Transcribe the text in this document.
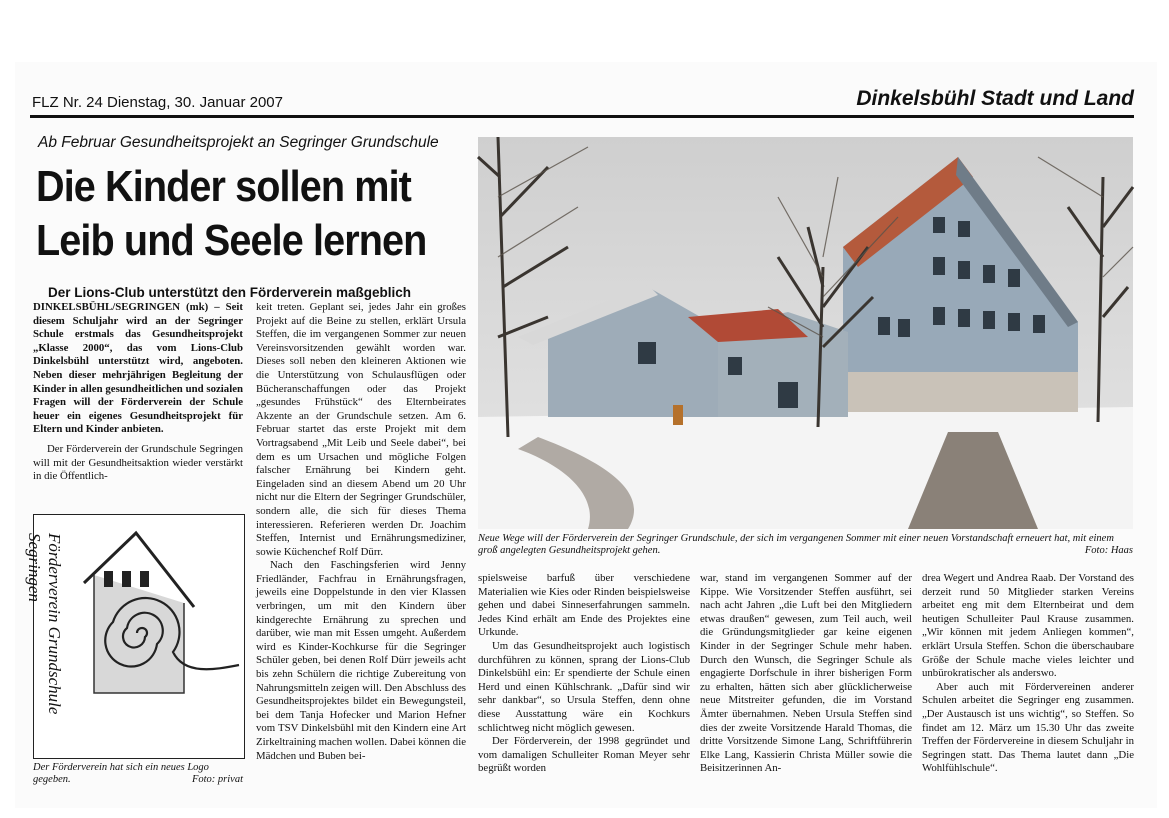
FLZ Nr. 24 Dienstag, 30. Januar 2007	Dinkelsbühl Stadt und Land
Ab Februar Gesundheitsprojekt an Segringer Grundschule
Die Kinder sollen mit
Leib und Seele lernen
Der Lions-Club unterstützt den Förderverein maßgeblich

DINKELSBÜHL/SEGRINGEN (mk) – Seit diesem Schuljahr wird an der Segringer Schule erstmals das Gesundheitsprojekt „Klasse 2000“, das vom Lions-Club Dinkelsbühl unterstützt wird, angeboten. Neben dieser mehrjährigen Begleitung der Kinder in allen gesundheitlichen und sozialen Fragen will der Förderverein der Schule heuer ein eigenes Gesundheitsprojekt für Eltern und Kinder anbieten.

Der Förderverein der Grundschule Segringen will mit der Gesundheitsaktion wieder verstärkt in die Öffentlich-

Förderverein Grundschule Segringen
Der Förderverein hat sich ein neues Logo gegeben.	Foto: privat

keit treten. Geplant sei, jedes Jahr ein großes Projekt auf die Beine zu stellen, erklärt Ursula Steffen, die im vergangenen Sommer zur neuen Vereinsvorsitzenden gewählt worden war. Dieses soll neben den kleineren Aktionen wie die Unterstützung von Schulausflügen oder Bücheranschaffungen oder das Projekt „gesundes Frühstück“ des Elternbeirates Akzente an der Grundschule setzen. Am 6. Februar startet das erste Projekt mit dem Vortragsabend „Mit Leib und Seele dabei“, bei dem es um Ursachen und mögliche Folgen falscher Ernährung bei Kindern geht. Eingeladen sind an diesem Abend um 20 Uhr nicht nur die Eltern der Segringer Grundschüler, sondern alle, die sich für dieses Thema interessieren. Referieren werden Dr. Joachim Steffen, Internist und Ernährungsmediziner, sowie Küchenchef Rolf Dürr.

Nach den Faschingsferien wird Jenny Friedländer, Fachfrau in Ernährungsfragen, jeweils eine Doppelstunde in den vier Klassen verbringen, um mit den Kindern über kindgerechte Ernährung zu sprechen und darüber, wie man mit Essen umgeht. Außerdem wird es Kinder-Kochkurse für die Segringer Schüler geben, bei denen Rolf Dürr jeweils acht bis zehn Schülern die richtige Zubereitung von Nahrungsmitteln zeigen will. Den Abschluss des Gesundheitsprojektes bildet ein Bewegungsteil, bei dem Tanja Hofecker und Marion Hefner vom TSV Dinkelsbühl mit den Kindern eine Art Zirkeltraining machen wollen. Dabei können die Mädchen und Buben bei-

Neue Wege will der Förderverein der Segringer Grundschule, der sich im vergangenen Sommer mit einer neuen Vorstandschaft erneuert hat, mit einem groß angelegten Gesundheitsprojekt gehen.	Foto: Haas

spielsweise barfuß über verschiedene Materialien wie Kies oder Rinden beispielsweise gehen und dabei Sinneserfahrungen sammeln. Jedes Kind erhält am Ende des Projektes eine Urkunde.

Um das Gesundheitsprojekt auch logistisch durchführen zu können, sprang der Lions-Club Dinkelsbühl ein: Er spendierte der Schule einen Herd und einen Kühlschrank. „Dafür sind wir sehr dankbar“, so Ursula Steffen, denn ohne diese Ausstattung wäre ein Kochkurs schlichtweg nicht möglich gewesen.

Der Förderverein, der 1998 gegründet und vom damaligen Schulleiter Roman Meyer sehr begrüßt worden

war, stand im vergangenen Sommer auf der Kippe. Wie Vorsitzender Steffen ausführt, sei nach acht Jahren „die Luft bei den Mitgliedern etwas draußen“ gewesen, zum Teil auch, weil die Gründungsmitglieder gar keine eigenen Kinder in der Segringer Schule mehr haben. Durch den Wunsch, die Segringer Schule als engagierte Dorfschule in ihrer bisherigen Form zu erhalten, hätten sich aber glücklicherweise neue Mitstreiter gefunden, die im Vorstand Ämter übernahmen. Neben Ursula Steffen sind dies der zweite Vorsitzende Harald Thomas, die dritte Vorsitzende Simone Lang, Schriftführerin Elke Lang, Kassierin Christa Müller sowie die Beisitzerinnen An-

drea Wegert und Andrea Raab. Der Vorstand des derzeit rund 50 Mitglieder starken Vereins arbeitet eng mit dem Elternbeirat und dem heutigen Schulleiter Paul Krause zusammen. „Wir können mit jedem Anliegen kommen“, erklärt Ursula Steffen. Schon die überschaubare Größe der Schule mache vieles leichter und unbürokratischer als anderswo.

Aber auch mit Fördervereinen anderer Schulen arbeitet die Segringer eng zusammen. „Der Austausch ist uns wichtig“, so Steffen. So findet am 12. März um 15.30 Uhr das zweite Treffen der Fördervereine in diesem Schuljahr in Segringen statt. Das Thema lautet dann „Die Wohlfühlschule“.
